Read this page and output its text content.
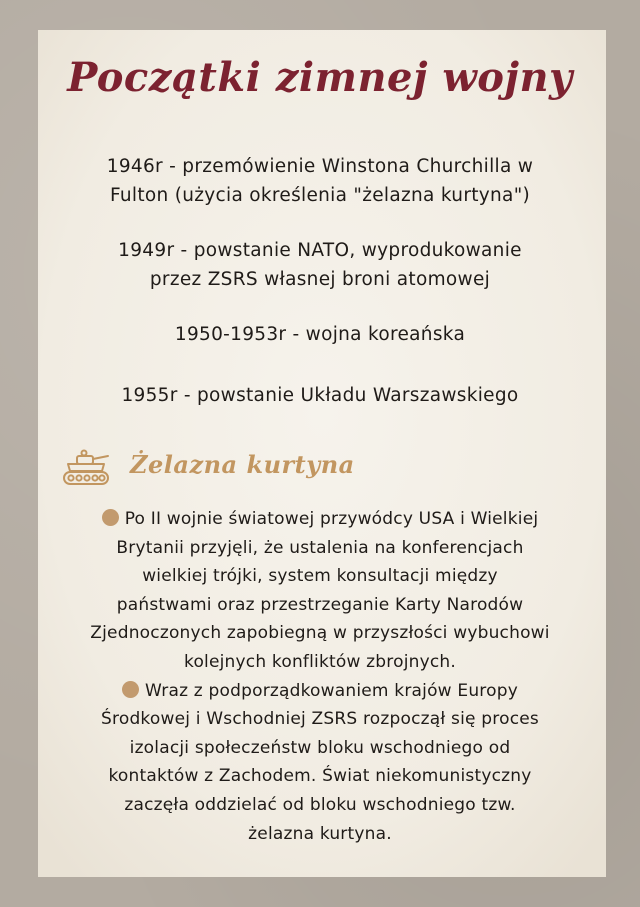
Początki zimnej wojny

1946r - przemówienie Winstona Churchilla w
Fulton (użycia określenia "żelazna kurtyna")

1949r - powstanie NATO, wyprodukowanie
przez ZSRS własnej broni atomowej

1950-1953r - wojna koreańska

1955r - powstanie Układu Warszawskiego

Żelazna kurtyna

Po II wojnie światowej przywódcy USA i Wielkiej
Brytanii przyjęli, że ustalenia na konferencjach
wielkiej trójki, system konsultacji między
państwami oraz przestrzeganie Karty Narodów
Zjednoczonych zapobiegną w przyszłości wybuchowi
kolejnych konfliktów zbrojnych.

Wraz z podporządkowaniem krajów Europy
Środkowej i Wschodniej ZSRS rozpoczął się proces
izolacji społeczeństw bloku wschodniego od
kontaktów z Zachodem. Świat niekomunistyczny
zaczęła oddzielać od bloku wschodniego tzw.
żelazna kurtyna.
